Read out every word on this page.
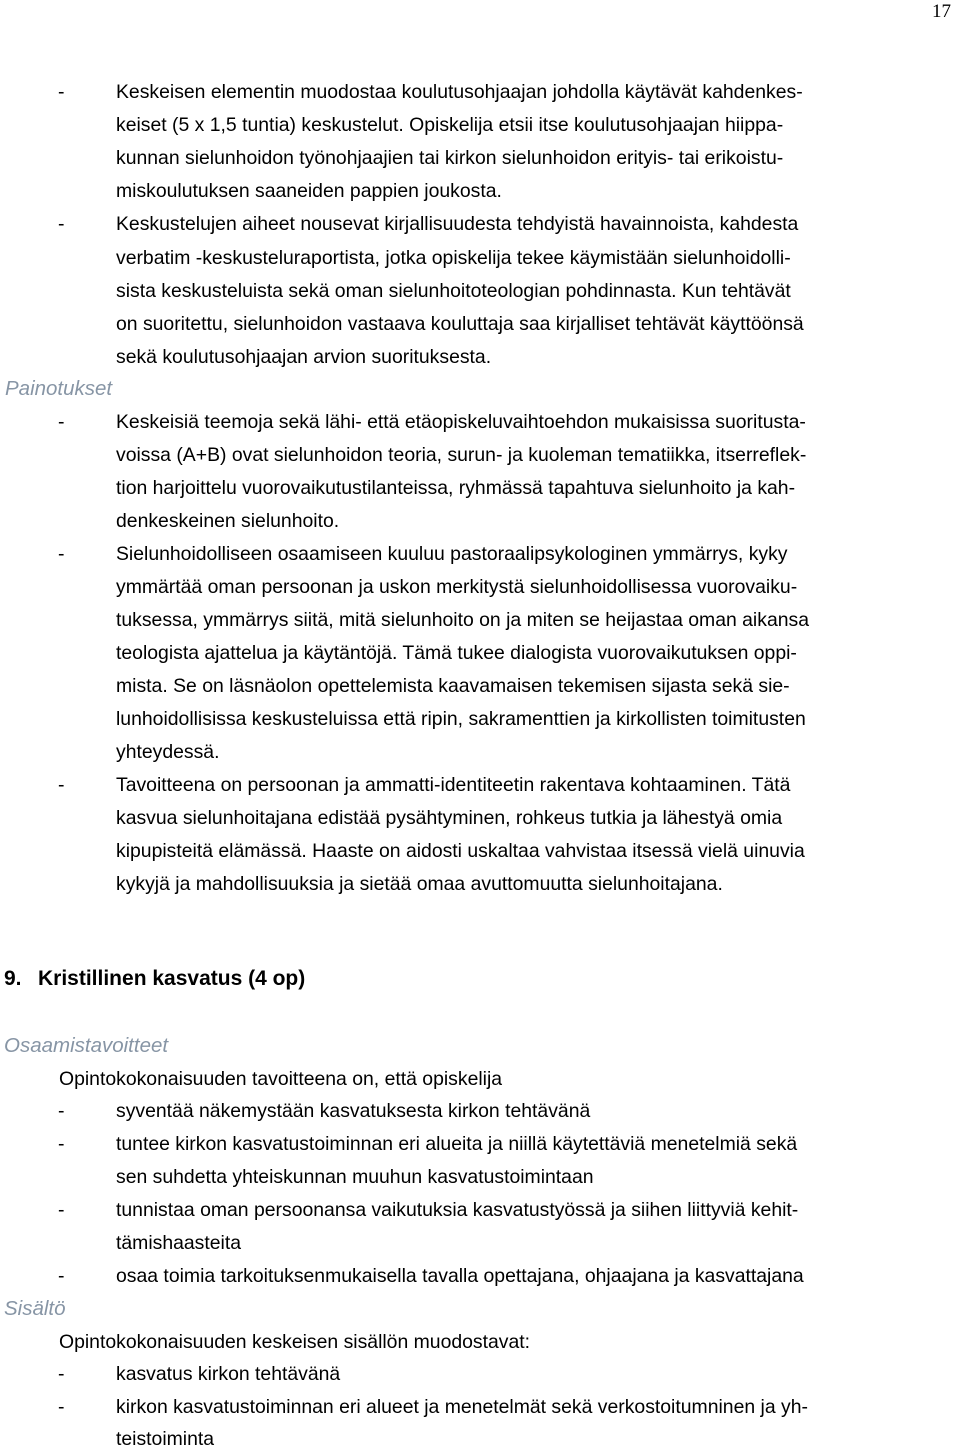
17
-	Keskeisen elementin muodostaa koulutusohjaajan johdolla käytävät kahdenkes-
keiset (5 x 1,5 tuntia) keskustelut. Opiskelija etsii itse koulutusohjaajan hiippa-
kunnan sielunhoidon työnohjaajien tai kirkon sielunhoidon erityis- tai erikoistu-
miskoulutuksen saaneiden pappien joukosta.
-	Keskustelujen aiheet nousevat kirjallisuudesta tehdyistä havainnoista, kahdesta
verbatim -keskusteluraportista, jotka opiskelija tekee käymistään sielunhoidolli-
sista keskusteluista sekä oman sielunhoitoteologian pohdinnasta. Kun tehtävät
on suoritettu, sielunhoidon vastaava kouluttaja saa kirjalliset tehtävät käyttöönsä
sekä koulutusohjaajan arvion suorituksesta.
Painotukset
-	Keskeisiä teemoja sekä lähi- että etäopiskeluvaihtoehdon mukaisissa suoritusta-
voissa (A+B) ovat sielunhoidon teoria, surun- ja kuoleman tematiikka, itserreflek-
tion harjoittelu vuorovaikutustilanteissa, ryhmässä tapahtuva sielunhoito ja kah-
denkeskeinen sielunhoito.
-	Sielunhoidolliseen osaamiseen kuuluu pastoraalipsykologinen ymmärrys, kyky
ymmärtää oman persoonan ja uskon merkitystä sielunhoidollisessa vuorovaiku-
tuksessa, ymmärrys siitä, mitä sielunhoito on ja miten se heijastaa oman aikansa
teologista ajattelua ja käytäntöjä. Tämä tukee dialogista vuorovaikutuksen oppi-
mista. Se on läsnäolon opettelemista kaavamaisen tekemisen sijasta sekä sie-
lunhoidollisissa keskusteluissa että ripin, sakramenttien ja kirkollisten toimitusten
yhteydessä.
-	Tavoitteena on persoonan ja ammatti-identiteetin rakentava kohtaaminen. Tätä
kasvua sielunhoitajana edistää pysähtyminen, rohkeus tutkia ja lähestyä omia
kipupisteitä elämässä. Haaste on aidosti uskaltaa vahvistaa itsessä vielä uinuvia
kykyjä ja mahdollisuuksia ja sietää omaa avuttomuutta sielunhoitajana.
9. Kristillinen kasvatus (4 op)
Osaamistavoitteet
Opintokokonaisuuden tavoitteena on, että opiskelija
-	syventää näkemystään kasvatuksesta kirkon tehtävänä
-	tuntee kirkon kasvatustoiminnan eri alueita ja niillä käytettäviä menetelmiä sekä
sen suhdetta yhteiskunnan muuhun kasvatustoimintaan
-	tunnistaa oman persoonansa vaikutuksia kasvatustyössä ja siihen liittyviä kehit-
tämishaasteita
-	osaa toimia tarkoituksenmukaisella tavalla opettajana, ohjaajana ja kasvattajana
Sisältö
Opintokokonaisuuden keskeisen sisällön muodostavat:
-	kasvatus kirkon tehtävänä
-	kirkon kasvatustoiminnan eri alueet ja menetelmät sekä verkostoitumninen ja yh-
teistoiminta
